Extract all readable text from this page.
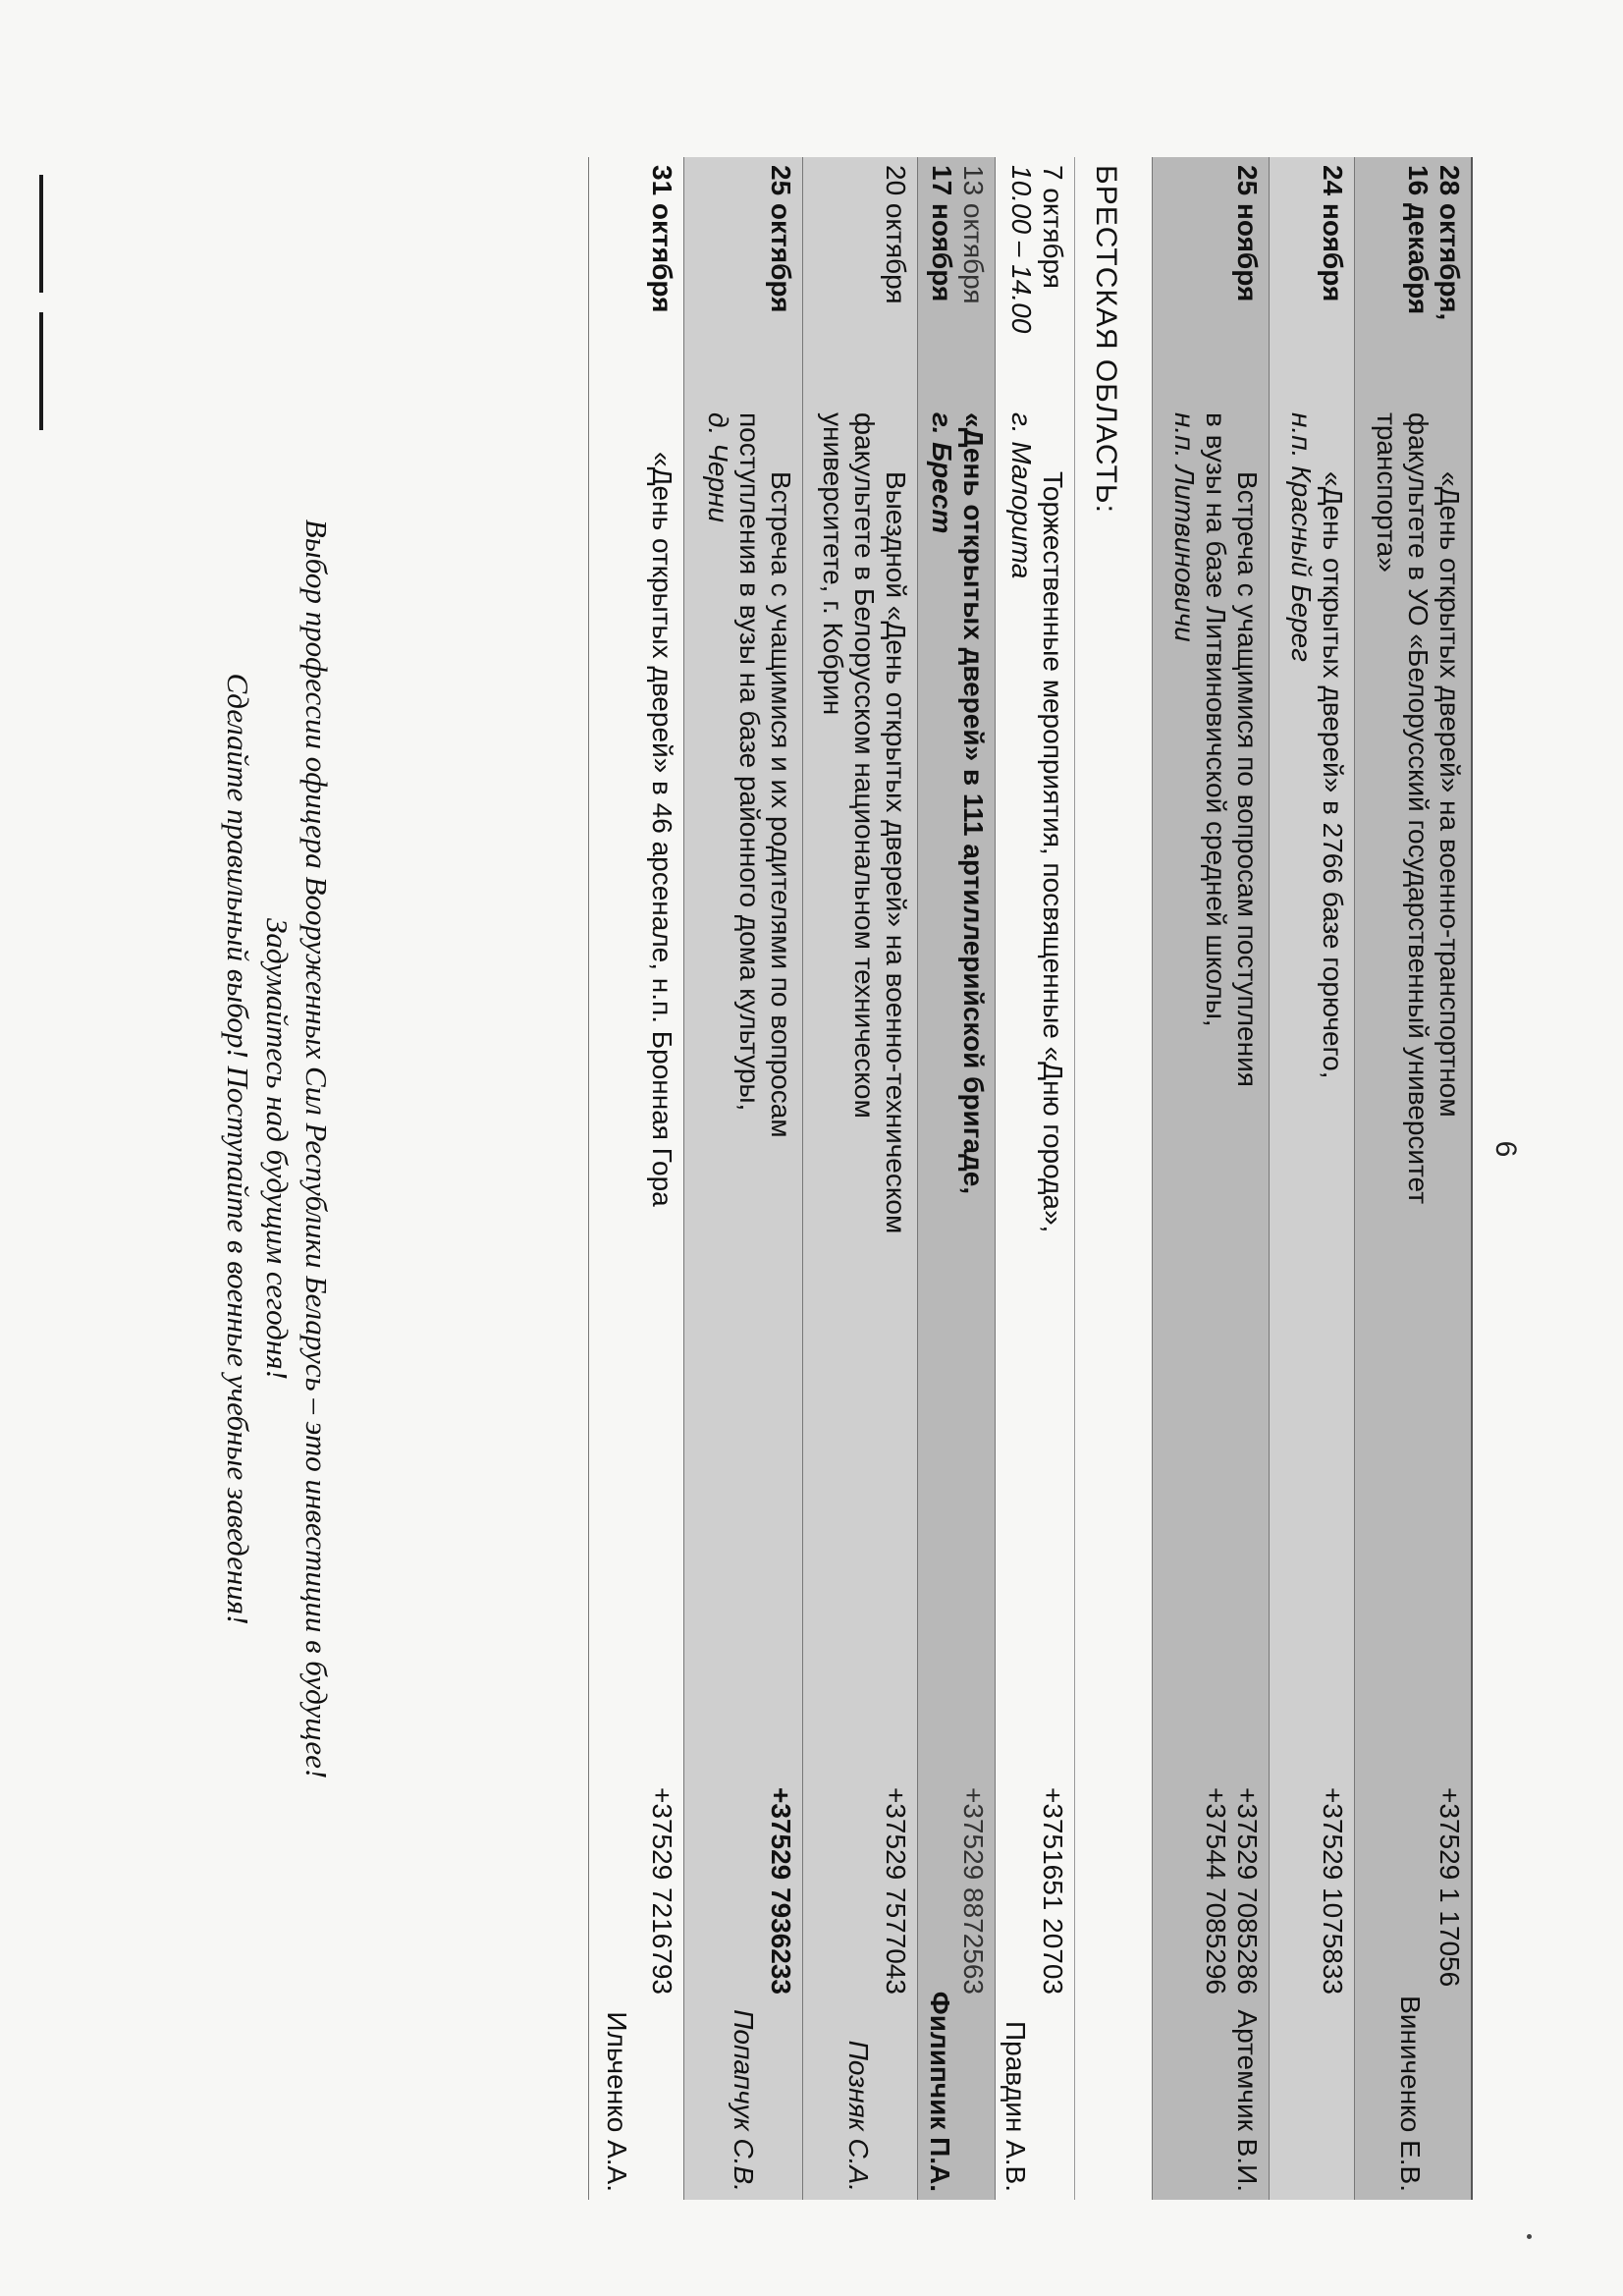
6
28 октября,
16 декабря
«День открытых дверей» на военно-транспортном
факультете в УО «Белорусский государственный университет
транспорта»
+37529 1 17056
Виниченко Е.В.
24 ноября
«День открытых дверей» в 2766 базе горючего,
н.п. Красный Берег
+37529 1075833
25 ноября
Встреча с учащимися по вопросам поступления
в вузы на базе Литвиновичской средней школы,
н.п. Литвиновичи
+37529 7085286
+37544 7085296
Артемчик В.И.
БРЕСТСКАЯ ОБЛАСТЬ:
7 октября
10.00 – 14.00
Торжественные мероприятия, посвященные «Дню города»,
г. Малорита
+3751651 20703
Правдин А.В.
13 октября
17 ноября
«День открытых дверей» в 111 артиллерийской бригаде,
г. Брест
+37529 8872563
Филипчик П.А.
20 октября
Выездной «День открытых дверей» на военно-техническом
факультете в Белорусском национальном техническом
университете, г. Кобрин
+37529 7577043
Позняк С.А.
25 октября
Встреча с учащимися и их родителями по вопросам
поступления в вузы на базе районного дома культуры,
д. Черни
+37529 7936233
Попапчук С.В.
31 октября
«День открытых дверей» в 46 арсенале, н.п. Бронная Гора
+37529 7216793
Ильченко А.А.
Выбор профессии офицера Вооруженных Сил Республики Беларусь – это инвестиции в будущее!
Задумайтесь над будущим сегодня!
Сделайте правильный выбор! Поступайте в военные учебные заведения!
